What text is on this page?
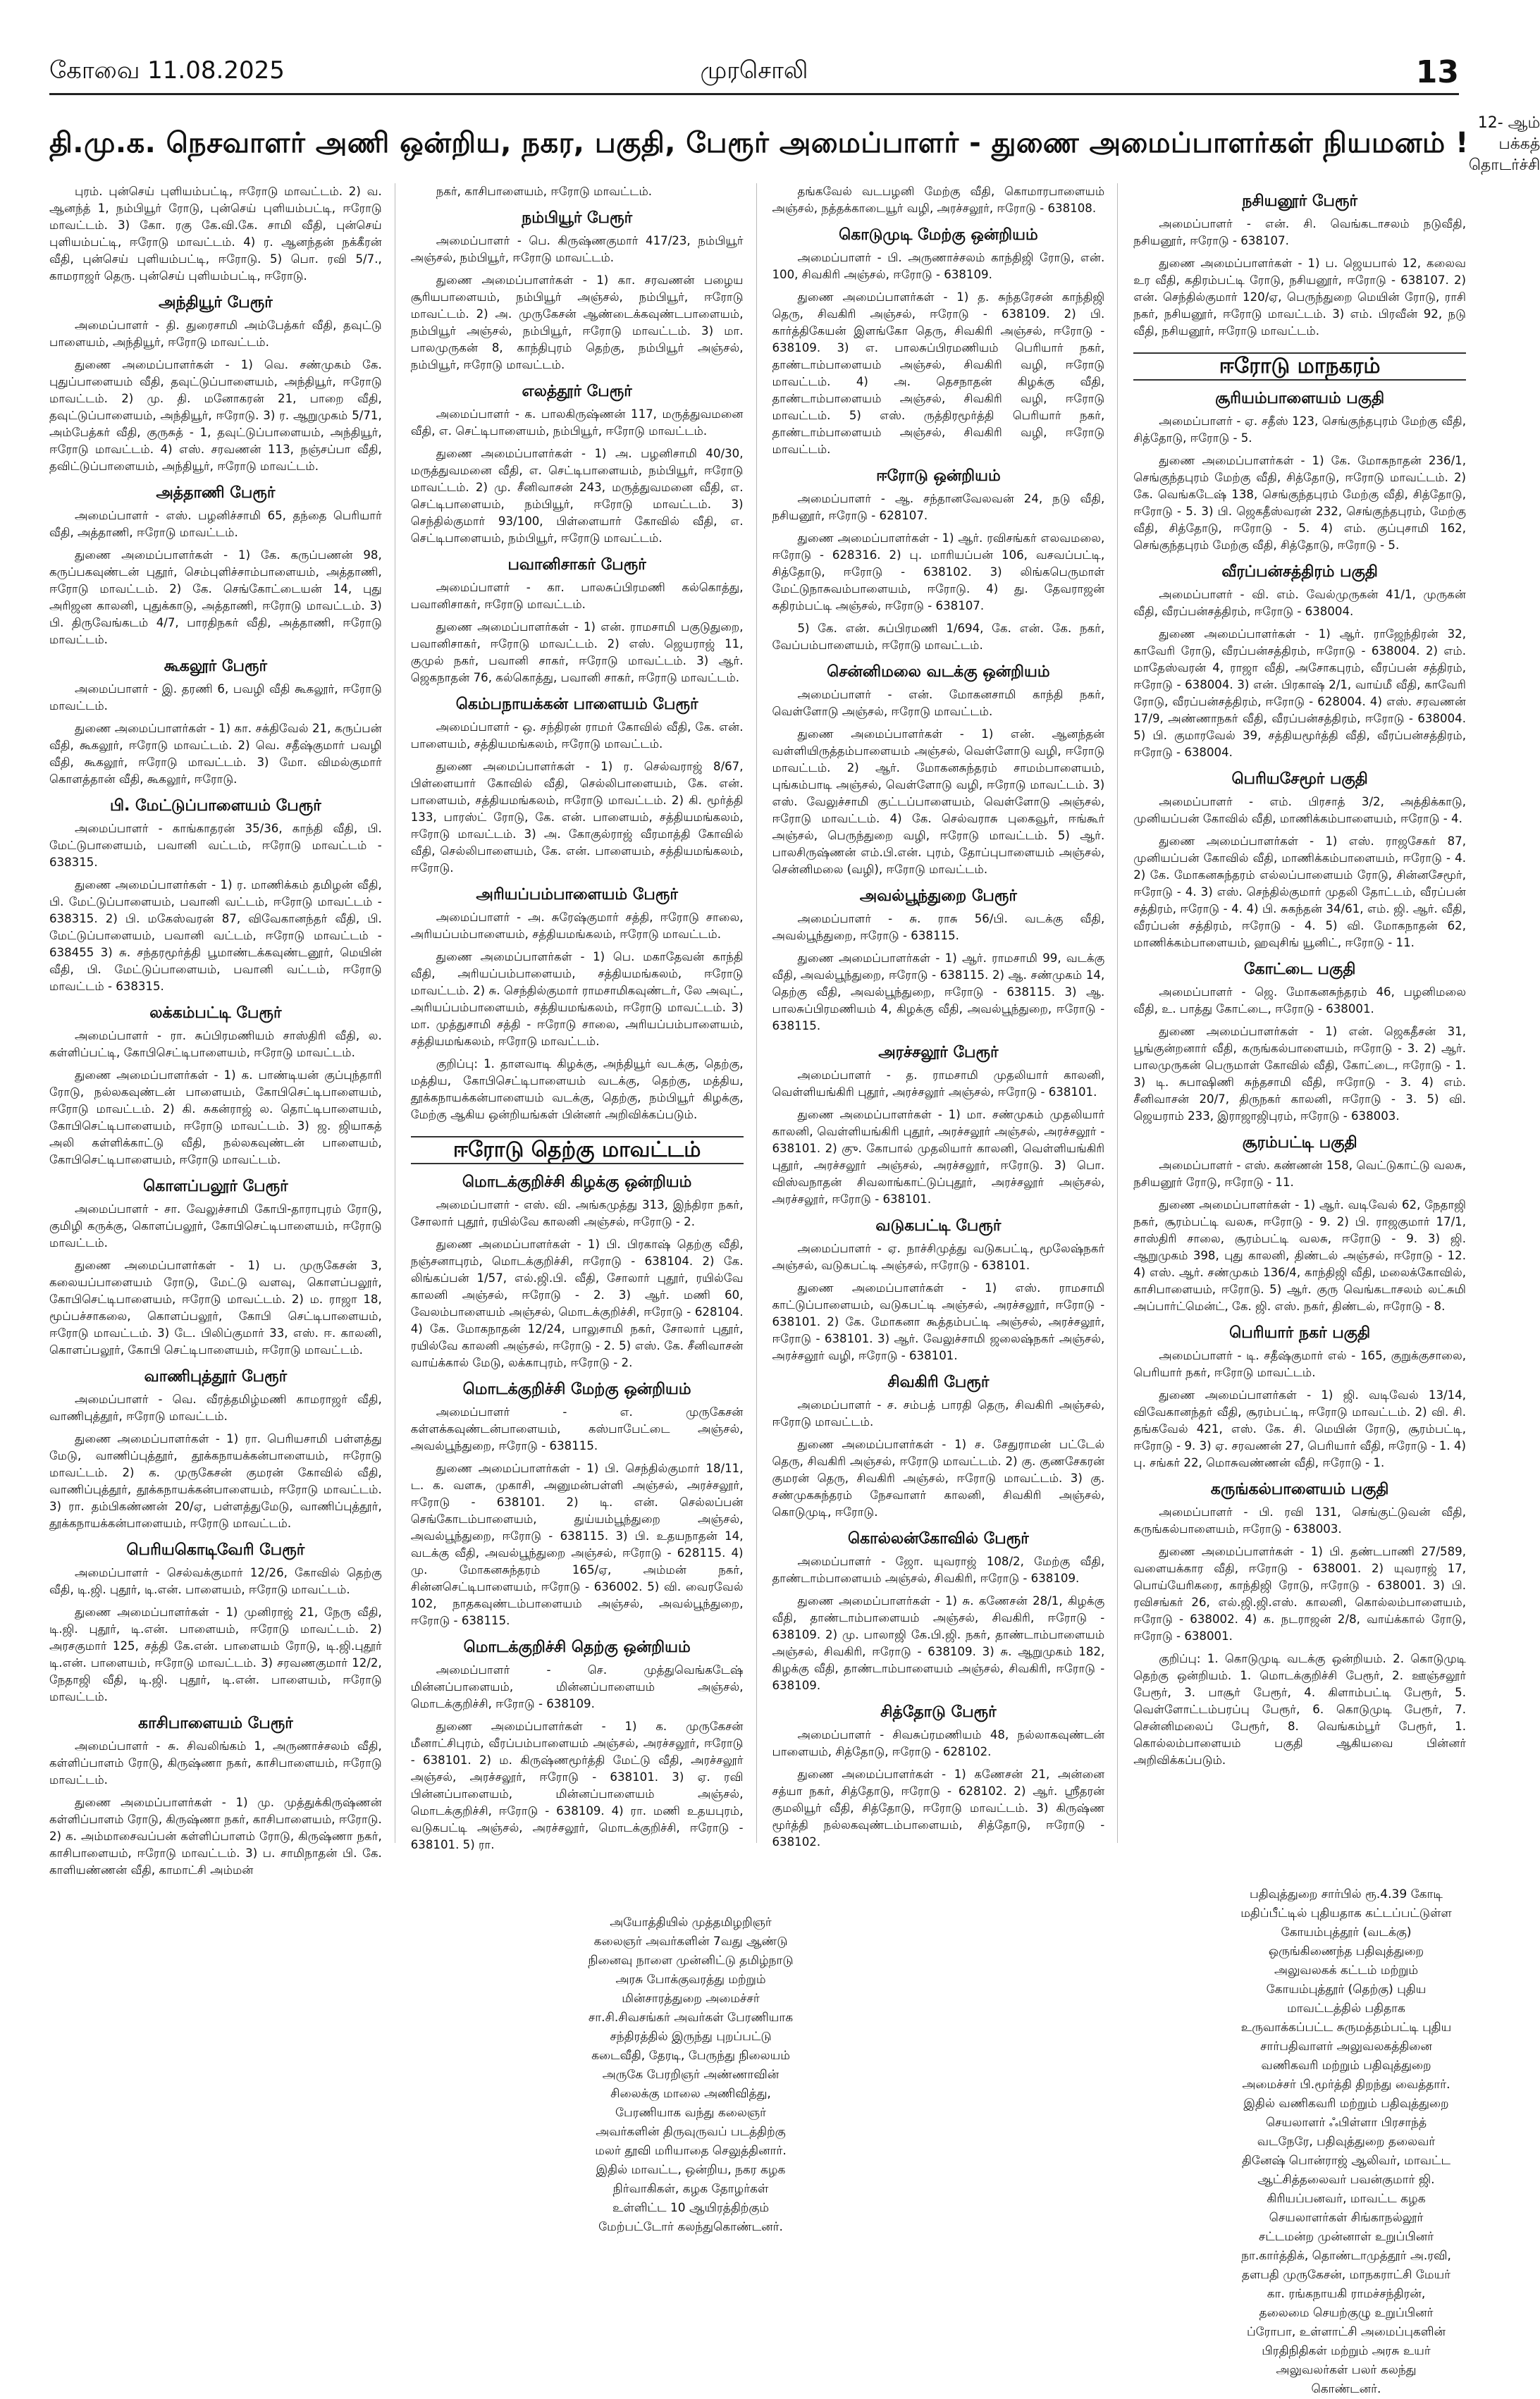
கோவை 11.08.2025	முரசொலி	13
தி.மு.க. நெசவாளர் அணி ஒன்றிய, நகர, பகுதி, பேரூர் அமைப்பாளர் - துணை அமைப்பாளர்கள் நியமனம் !
12- ஆம் பக்கத் தொடர்ச்சி

புரம். புன்செய் புளியம்பட்டி, ஈரோடு மாவட்டம். 2) வ. ஆனந்த் 1, நம்பியூர் ரோடு, புன்செய் புளியம்பட்டி, ஈரோடு மாவட்டம். 3) கோ. ரகு கே.வி.கே. சாமி வீதி, புன்செய் புளியம்பட்டி, ஈரோடு மாவட்டம். 4) ர. ஆனந்தன் நக்கீரன் வீதி, புன்செய் புளியம்பட்டி, ஈரோடு. 5) பொ. ரவி 5/7., காமராஜர் தெரு. புன்செய் புளியம்பட்டி, ஈரோடு.

அந்தியூர் பேரூர்

அமைப்பாளர் - தி. துரைசாமி அம்பேத்கர் வீதி, தவுட்டு பாளையம், அந்தியூர், ஈரோடு மாவட்டம்.

துணை அமைப்பாளர்கள் - 1) வெ. சண்முகம் கே. புதுப்பாளையம் வீதி, தவுட்டுப்பாளையம், அந்தியூர், ஈரோடு மாவட்டம். 2) மு. தி. மனோகரன் 21, பாறை வீதி, தவுட்டுப்பாளையம், அந்தியூர், ஈரோடு. 3) ர. ஆறுமுகம் 5/71, அம்பேத்கர் வீதி, குருசுத் - 1, தவுட்டுப்பாளையம், அந்தியூர், ஈரோடு மாவட்டம். 4) எஸ். சரவணன் 113, நஞ்சப்பா வீதி, தவிட்டுப்பாளையம், அந்தியூர், ஈரோடு மாவட்டம்.

அத்தாணி பேரூர்

அமைப்பாளர் - எஸ். பழனிச்சாமி 65, தந்தை பெரியார் வீதி, அத்தாணி, ஈரோடு மாவட்டம்.

துணை அமைப்பாளர்கள் - 1) கே. கருப்பணன் 98, கருப்பகவுண்டன் புதூர், செம்புளிச்சாம்பாளையம், அத்தாணி, ஈரோடு மாவட்டம். 2) கே. செங்கோட்டையன் 14, புது அரிஜன காலனி, புதுக்காடு, அத்தாணி, ஈரோடு மாவட்டம். 3) பி. திருவேங்கடம் 4/7, பாரதிநகர் வீதி, அத்தாணி, ஈரோடு மாவட்டம்.

கூகலூர் பேரூர்

அமைப்பாளர் - இ. தரணி 6, பவழி வீதி கூகலூர், ஈரோடு மாவட்டம்.

துணை அமைப்பாளர்கள் - 1) கா. சக்திவேல் 21, கருப்பன் வீதி, கூகலூர், ஈரோடு மாவட்டம். 2) வெ. சதீஷ்குமார் பவழி வீதி, கூகலூர், ஈரோடு மாவட்டம். 3) மோ. விமல்குமார் கொளத்தான் வீதி, கூகலூர், ஈரோடு.

பி. மேட்டுப்பாளையம் பேரூர்

அமைப்பாளர் - காங்காதரன் 35/36, காந்தி வீதி, பி. மேட்டுபாளையம், பவானி வட்டம், ஈரோடு மாவட்டம் - 638315.

துணை அமைப்பாளர்கள் - 1) ர. மாணிக்கம் தமிழன் வீதி, பி. மேட்டுப்பாளையம், பவானி வட்டம், ஈரோடு மாவட்டம் - 638315. 2) பி. மகேஸ்வரன் 87, விவேகானந்தர் வீதி, பி. மேட்டுப்பாளையம், பவானி வட்டம், ஈரோடு மாவட்டம் - 638455 3) சு. சந்தரமூர்த்தி பூமாண்டக்கவுண்டனூர், மெயின் வீதி, பி. மேட்டுப்பாளையம், பவானி வட்டம், ஈரோடு மாவட்டம் - 638315.

லக்கம்பட்டி பேரூர்

அமைப்பாளர் - ரா. சுப்பிரமணியம் சாஸ்திரி வீதி, ல. கள்ளிப்பட்டி, கோபிசெட்டிபாளையம், ஈரோடு மாவட்டம்.

துணை அமைப்பாளர்கள் - 1) க. பாண்டியன் குப்புந்தாரி ரோடு, நல்லகவுண்டன் பாளையம், கோபிசெட்டிபாளையம், ஈரோடு மாவட்டம். 2) கி. சுகன்ராஜ் ல. தொட்டிபாளையம், கோபிசெட்டிபாளையம், ஈரோடு மாவட்டம். 3) ஜ. ஜியாகத் அலி கள்ளிக்காட்டு வீதி, நல்லகவுண்டன் பாளையம், கோபிசெட்டிபாளையம், ஈரோடு மாவட்டம்.

கொளப்பலூர் பேரூர்

அமைப்பாளர் - சா. வேலுச்சாமி கோபி-தாராபுரம் ரோடு, குமிழி கருக்கு, கொளப்பலூர், கோபிசெட்டிபாளையம், ஈரோடு மாவட்டம்.

துணை அமைப்பாளர்கள் - 1) ப. முருகேசன் 3, கலையப்பாளையம் ரோடு, மேட்டு வளவு, கொளப்பலூர், கோபிசெட்டிபாளையம், ஈரோடு மாவட்டம். 2) ம. ராஜா 18, மூப்பச்சாகலை, கொளப்பலூர், கோபி செட்டிபாளையம், ஈரோடு மாவட்டம். 3) டே. பிலிப்குமார் 33, எஸ். ஈ. காலனி, கொளப்பலூர், கோபி செட்டிபாளையம், ஈரோடு மாவட்டம்.

வாணிபுத்தூர் பேரூர்

அமைப்பாளர் - வெ. வீரத்தமிழ்மணி காமராஜர் வீதி, வாணிபுத்தூர், ஈரோடு மாவட்டம்.

துணை அமைப்பாளர்கள் - 1) ரா. பெரியசாமி பள்ளத்து மேடு, வாணிப்புத்தூர், தூக்கநாயக்கன்பாளையம், ஈரோடு மாவட்டம். 2) க. முருகேசன் குமரன் கோவில் வீதி, வாணிப்புத்தூர், தூக்கநாயக்கன்பாளையம், ஈரோடு மாவட்டம். 3) ரா. தம்பிகண்ணன் 20/ஏ, பள்ளத்துமேடு, வாணிப்புத்தூர், தூக்கநாயக்கன்பாளையம், ஈரோடு மாவட்டம்.

பெரியகொடிவேரி பேரூர்

அமைப்பாளர் - செல்வக்குமார் 12/26, கோவில் தெற்கு வீதி, டி.ஜி. புதூர், டி.என். பாளையம், ஈரோடு மாவட்டம்.

துணை அமைப்பாளர்கள் - 1) முனிராஜ் 21, நேரு வீதி, டி.ஜி. புதூர், டி.என். பாளையம், ஈரோடு மாவட்டம். 2) அரசகுமார் 125, சத்தி கே.என். பாளையம் ரோடு, டி.ஜி.புதூர் டி.என். பாளையம், ஈரோடு மாவட்டம். 3) சரவணகுமார் 12/2, நேதாஜி வீதி, டி.ஜி. புதூர், டி.என். பாளையம், ஈரோடு மாவட்டம்.

காசிபாளையம் பேரூர்

அமைப்பாளர் - சு. சிவலிங்கம் 1, அருணாச்சலம் வீதி, கள்ளிப்பாளம் ரோடு, கிருஷ்ணா நகர், காசிபாளையம், ஈரோடு மாவட்டம்.

துணை அமைப்பாளர்கள் - 1) மு. முத்துக்கிருஷ்ணன் கள்ளிப்பாளம் ரோடு, கிருஷ்ணா நகர், காசிபாளையம், ஈரோடு. 2) க. அம்மாசைவப்பன் கள்ளிப்பாளம் ரோடு, கிருஷ்ணா நகர், காசிபாளையம், ஈரோடு மாவட்டம். 3) ப. சாமிநாதன் பி. கே. காளியண்ணன் வீதி, காமாட்சி அம்மன்

நகர், காசிபாளையம், ஈரோடு மாவட்டம்.

நம்பியூர் பேரூர்

அமைப்பாளர் - பெ. கிருஷ்ணகுமார் 417/23, நம்பியூர் அஞ்சல், நம்பியூர், ஈரோடு மாவட்டம்.

துணை அமைப்பாளர்கள் - 1) கா. சரவணன் பழைய சூரியபாளையம், நம்பியூர் அஞ்சல், நம்பியூர், ஈரோடு மாவட்டம். 2) அ. முருகேசன் ஆண்டைக்கவுண்டபாளையம், நம்பியூர் அஞ்சல், நம்பியூர், ஈரோடு மாவட்டம். 3) மா. பாலமுருகன் 8, காந்திபுரம் தெற்கு, நம்பியூர் அஞ்சல், நம்பியூர், ஈரோடு மாவட்டம்.

எலத்தூர் பேரூர்

அமைப்பாளர் - க. பாலகிருஷ்ணன் 117, மருத்துவமனை வீதி, எ. செட்டிபாளையம், நம்பியூர், ஈரோடு மாவட்டம்.

துணை அமைப்பாளர்கள் - 1) அ. பழனிசாமி 40/30, மருத்துவமனை வீதி, எ. செட்டிபாளையம், நம்பியூர், ஈரோடு மாவட்டம். 2) மு. சீனிவாசன் 243, மருத்துவமனை வீதி, எ. செட்டிபாளையம், நம்பியூர், ஈரோடு மாவட்டம். 3) செந்தில்குமார் 93/100, பிள்ளையார் கோவில் வீதி, எ. செட்டிபாளையம், நம்பியூர், ஈரோடு மாவட்டம்.

பவானிசாகர் பேரூர்

அமைப்பாளர் - கா. பாலசுப்பிரமணி கல்கொத்து, பவானிசாகர், ஈரோடு மாவட்டம்.

துணை அமைப்பாளர்கள் - 1) என். ராமசாமி பகுடுதுறை, பவானிசாகர், ஈரோடு மாவட்டம். 2) எஸ். ஜெயராஜ் 11, குமுல் நகர், பவானி சாகர், ஈரோடு மாவட்டம். 3) ஆர். ஜெகநாதன் 76, கல்கொத்து, பவானி சாகர், ஈரோடு மாவட்டம்.

கெம்பநாயக்கன் பாளையம் பேரூர்

அமைப்பாளர் - ஒ. சந்திரன் ராமர் கோவில் வீதி, கே. என். பாளையம், சத்தியமங்கலம், ஈரோடு மாவட்டம்.

துணை அமைப்பாளர்கள் - 1) ர. செல்வராஜ் 8/67, பிள்ளையார் கோவில் வீதி, செல்லிபாளையம், கே. என். பாளையம், சத்தியமங்கலம், ஈரோடு மாவட்டம். 2) கி. மூர்த்தி 133, பாரஸ்ட் ரோடு, கே. என். பாளையம், சத்தியமங்கலம், ஈரோடு மாவட்டம். 3) அ. கோகுல்ராஜ் வீரமாத்தி கோவில் வீதி, செல்லிபாளையம், கே. என். பாளையம், சத்தியமங்கலம், ஈரோடு.

அரியப்பம்பாளையம் பேரூர்

அமைப்பாளர் - அ. சுரேஷ்குமார் சத்தி, ஈரோடு சாலை, அரியப்பம்பாளையம், சத்தியமங்கலம், ஈரோடு மாவட்டம்.

துணை அமைப்பாளர்கள் - 1) பெ. மகாதேவன் காந்தி வீதி, அரியப்பம்பாளையம், சத்தியமங்கலம், ஈரோடு மாவட்டம். 2) சு. செந்தில்குமார் ராமசாமிகவுண்டர், லே அவுட், அரியப்பம்பாளையம், சத்தியமங்கலம், ஈரோடு மாவட்டம். 3) மா. முத்துசாமி சத்தி - ஈரோடு சாலை, அரியப்பம்பாளையம், சத்தியமங்கலம், ஈரோடு மாவட்டம்.

குறிப்பு: 1. தாளவாடி கிழக்கு, அந்தியூர் வடக்கு, தெற்கு, மத்திய, கோபிசெட்டிபாளையம் வடக்கு, தெற்கு, மத்திய, தூக்கநாயக்கன்பாளையம் வடக்கு, தெற்கு, நம்பியூர் கிழக்கு, மேற்கு ஆகிய ஒன்றியங்கள் பின்னர் அறிவிக்கப்படும்.

ஈரோடு தெற்கு மாவட்டம்
மொடக்குறிச்சி கிழக்கு ஒன்றியம்

அமைப்பாளர் - எஸ். வி. அங்கமுத்து 313, இந்திரா நகர், சோலார் புதூர், ரயில்வே காலனி அஞ்சல், ஈரோடு - 2.

துணை அமைப்பாளர்கள் - 1) பி. பிரகாஷ் தெற்கு வீதி, நஞ்சனாபுரம், மொடக்குறிச்சி, ஈரோடு - 638104. 2) கே. லிங்கப்பன் 1/57, எல்.ஜி.பி. வீதி, சோலார் புதூர், ரயில்வே காலனி அஞ்சல், ஈரோடு - 2. 3) ஆர். மணி 60, வேலம்பாளையம் அஞ்சல், மொடக்குறிச்சி, ஈரோடு - 628104. 4) கே. மோகநாதன் 12/24, பாலுசாமி நகர், சோலார் புதூர், ரயில்வே காலனி அஞ்சல், ஈரோடு - 2. 5) எஸ். கே. சீனிவாசன் வாய்க்கால் மேடு, லக்காபுரம், ஈரோடு - 2.

மொடக்குறிச்சி மேற்கு ஒன்றியம்

அமைப்பாளர் - எ. முருகேசன் கள்ளக்கவுண்டன்பாளையம், கஸ்பாபேட்டை அஞ்சல், அவல்பூந்துறை, ஈரோடு - 638115.

துணை அமைப்பாளர்கள் - 1) பி. செந்தில்குமார் 18/11, ட. க. வளசு, முகாசி, அனுமன்பள்ளி அஞ்சல், அரச்சலூர், ஈரோடு - 638101. 2) டி. என். செல்லப்பன் செங்கோடம்பாளையம், துய்யம்பூந்துறை அஞ்சல், அவல்பூந்துறை, ஈரோடு - 638115. 3) பி. உதயநாதன் 14, வடக்கு வீதி, அவல்பூந்துறை அஞ்சல், ஈரோடு - 628115. 4) மு. மோகனசுந்தரம் 165/ஏ, அம்மன் நகர், சின்னசெட்டிபாளையம், ஈரோடு - 636002. 5) வி. வைரவேல் 102, நாதகவுண்டம்பாளையம் அஞ்சல், அவல்பூந்துறை, ஈரோடு - 638115.

மொடக்குறிச்சி தெற்கு ஒன்றியம்

அமைப்பாளர் - செ. முத்துவெங்கடேஷ் மின்னப்பாளையம், மின்னப்பாளையம் அஞ்சல், மொடக்குறிச்சி, ஈரோடு - 638109.

துணை அமைப்பாளர்கள் - 1) க. முருகேசன் மீனாட்சிபுரம், வீரப்பம்பாளையம் அஞ்சல், அரச்சலூர், ஈரோடு - 638101. 2) ம. கிருஷ்ணமூர்த்தி மேட்டு வீதி, அரச்சலூர் அஞ்சல், அரச்சலூர், ஈரோடு - 638101. 3) ஏ. ரவி பின்னப்பாளையம், மின்னப்பாளையம் அஞ்சல், மொடக்குறிச்சி, ஈரோடு - 638109. 4) ரா. மணி உதயபுரம், வடுகபட்டி அஞ்சல், அரச்சலூர், மொடக்குறிச்சி, ஈரோடு - 638101. 5) ரா.

தங்கவேல் வடபழனி மேற்கு வீதி, கொமாரபாளையம் அஞ்சல், நத்தக்காடையூர் வழி, அரச்சலூர், ஈரோடு - 638108.

கொடுமுடி மேற்கு ஒன்றியம்

அமைப்பாளர் - பி. அருணாச்சலம் காந்திஜி ரோடு, என். 100, சிவகிரி அஞ்சல், ஈரோடு - 638109.

துணை அமைப்பாளர்கள் - 1) த. சுந்தரேசன் காந்திஜி தெரு, சிவகிரி அஞ்சல், ஈரோடு - 638109. 2) பி. கார்த்திகேயன் இளங்கோ தெரு, சிவகிரி அஞ்சல், ஈரோடு - 638109. 3) எ. பாலசுப்பிரமணியம் பெரியார் நகர், தாண்டாம்பாளையம் அஞ்சல், சிவகிரி வழி, ஈரோடு மாவட்டம். 4) அ. தெசநாதன் கிழக்கு வீதி, தாண்டாம்பாளையம் அஞ்சல், சிவகிரி வழி, ஈரோடு மாவட்டம். 5) எஸ். ருத்திரமூர்த்தி பெரியார் நகர், தாண்டாம்பாளையம் அஞ்சல், சிவகிரி வழி, ஈரோடு மாவட்டம்.

ஈரோடு ஒன்றியம்

அமைப்பாளர் - ஆ. சந்தானவேலவன் 24, நடு வீதி, நசியனூர், ஈரோடு - 628107.

துணை அமைப்பாளர்கள் - 1) ஆர். ரவிசங்கர் எலவமலை, ஈரோடு - 628316. 2) பு. மாரியப்பன் 106, வசவப்பட்டி, சித்தோடு, ஈரோடு - 638102. 3) லிங்கபெருமாள் மேட்டுநாசுவம்பாளையம், ஈரோடு. 4) து. தேவராஜன் கதிரம்பட்டி அஞ்சல், ஈரோடு - 638107.

5) கே. என். சுப்பிரமணி 1/694, கே. என். கே. நகர், வேப்பம்பாளையம், ஈரோடு மாவட்டம்.

சென்னிமலை வடக்கு ஒன்றியம்

அமைப்பாளர் - என். மோகனசாமி காந்தி நகர், வெள்ளோடு அஞ்சல், ஈரோடு மாவட்டம்.

துணை அமைப்பாளர்கள் - 1) என். ஆனந்தன் வள்ளியிருத்தம்பாளையம் அஞ்சல், வெள்ளோடு வழி, ஈரோடு மாவட்டம். 2) ஆர். மோகனசுந்தரம் சாமம்பாளையம், புங்கம்பாடி அஞ்சல், வெள்ளோடு வழி, ஈரோடு மாவட்டம். 3) எஸ். வேலுச்சாமி குட்டப்பாளையம், வெள்ளோடு அஞ்சல், ஈரோடு மாவட்டம். 4) கே. செல்வராசு புகைவூர், ஈங்கூர் அஞ்சல், பெருந்துறை வழி, ஈரோடு மாவட்டம். 5) ஆர். பாலசிருஷ்ணன் எம்.பி.என். புரம், தோப்புபாளையம் அஞ்சல், சென்னிமலை (வழி), ஈரோடு மாவட்டம்.

அவல்பூந்துறை பேரூர்

அமைப்பாளர் - சு. ராசு 56/பி. வடக்கு வீதி, அவல்பூந்துறை, ஈரோடு - 638115.

துணை அமைப்பாளர்கள் - 1) ஆர். ராமசாமி 99, வடக்கு வீதி, அவல்பூந்துறை, ஈரோடு - 638115. 2) ஆ. சண்முகம் 14, தெற்கு வீதி, அவல்பூந்துறை, ஈரோடு - 638115. 3) ஆ. பாலசுப்பிரமணியம் 4, கிழக்கு வீதி, அவல்பூந்துறை, ஈரோடு - 638115.

அரச்சலூர் பேரூர்

அமைப்பாளர் - த. ராமசாமி முதலியார் காலனி, வெள்ளியங்கிரி புதூர், அரச்சலூர் அஞ்சல், ஈரோடு - 638101.

துணை அமைப்பாளர்கள் - 1) மா. சண்முகம் முதலியார் காலனி, வெள்ளியங்கிரி புதூர், அரச்சலூர் அஞ்சல், அரச்சலூர் - 638101. 2) குு. கோபால் முதலியார் காலனி, வெள்ளியங்கிரி புதூர், அரச்சலூர் அஞ்சல், அரச்சலூர், ஈரோடு. 3) பொ. விஸ்வநாதன் சிவலாங்காட்டுப்புதூர், அரச்சலூர் அஞ்சல், அரச்சலூர், ஈரோடு - 638101.

வடுகபட்டி பேரூர்

அமைப்பாளர் - ஏ. நாச்சிமுத்து வடுகபட்டி, மூலேஷ்நகர் அஞ்சல், வடுகபட்டி அஞ்சல், ஈரோடு - 638101.

துணை அமைப்பாளர்கள் - 1) எஸ். ராமசாமி காட்டுப்பாளையம், வடுகபட்டி அஞ்சல், அரச்சலூர், ஈரோடு - 638101. 2) கே. மோகனா கூத்தம்பட்டி அஞ்சல், அரச்சலூர், ஈரோடு - 638101. 3) ஆர். வேலுச்சாமி ஜலைஷ்நகர் அஞ்சல், அரச்சலூர் வழி, ஈரோடு - 638101.

சிவகிரி பேரூர்

அமைப்பாளர் - ச. சம்பத் பாரதி தெரு, சிவகிரி அஞ்சல், ஈரோடு மாவட்டம்.

துணை அமைப்பாளர்கள் - 1) ச. சேதுராமன் பட்டேல் தெரு, சிவகிரி அஞ்சல், ஈரோடு மாவட்டம். 2) கு. குணசேகரன் குமரன் தெரு, சிவகிரி அஞ்சல், ஈரோடு மாவட்டம். 3) கு. சண்முகசுந்தரம் நேசவாளர் காலனி, சிவகிரி அஞ்சல், கொடுமுடி, ஈரோடு.

கொல்லன்கோவில் பேரூர்

அமைப்பாளர் - ஜோ. யுவராஜ் 108/2, மேற்கு வீதி, தாண்டாம்பாளையம் அஞ்சல், சிவகிரி, ஈரோடு - 638109.

துணை அமைப்பாளர்கள் - 1) சு. கணேசன் 28/1, கிழக்கு வீதி, தாண்டாம்பாளையம் அஞ்சல், சிவகிரி, ஈரோடு - 638109. 2) மு. பாலாஜி கே.பி.ஜி. நகர், தாண்டாம்பாளையம் அஞ்சல், சிவகிரி, ஈரோடு - 638109. 3) சு. ஆறுமுகம் 182, கிழக்கு வீதி, தாண்டாம்பாளையம் அஞ்சல், சிவகிரி, ஈரோடு - 638109.

சித்தோடு பேரூர்

அமைப்பாளர் - சிவசுப்ரமணியம் 48, நல்லாகவுண்டன் பாளையம், சித்தோடு, ஈரோடு - 628102.

துணை அமைப்பாளர்கள் - 1) கணேசன் 21, அன்னை சத்யா நகர், சித்தோடு, ஈரோடு - 628102. 2) ஆர். ஸ்ரீதரன் குமலியூர் வீதி, சித்தோடு, ஈரோடு மாவட்டம். 3) கிருஷ்ண மூர்த்தி நல்லகவுண்டம்பாளையம், சித்தோடு, ஈரோடு - 638102.

நசியனூர் பேரூர்

அமைப்பாளர் - என். சி. வெங்கடாசலம் நடுவீதி, நசியனூர், ஈரோடு - 638107.

துணை அமைப்பாளர்கள் - 1) ப. ஜெயபால் 12, கலைவ உர வீதி, கதிரம்பட்டி ரோடு, நசியனூர், ஈரோடு - 638107. 2) என். செந்தில்குமார் 120/ஏ, பெருந்துறை மெயின் ரோடு, ராசி நகர், நசியனூர், ஈரோடு மாவட்டம். 3) எம். பிரவீன் 92, நடு வீதி, நசியனூர், ஈரோடு மாவட்டம்.

ஈரோடு மாநகரம்
சூரியம்பாளையம் பகுதி

அமைப்பாளர் - ஏ. சதீஸ் 123, செங்குந்தபுரம் மேற்கு வீதி, சித்தோடு, ஈரோடு - 5.

துணை அமைப்பாளர்கள் - 1) கே. மோகநாதன் 236/1, செங்குந்தபுரம் மேற்கு வீதி, சித்தோடு, ஈரோடு மாவட்டம். 2) கே. வெங்கடேஷ் 138, செங்குந்தபுரம் மேற்கு வீதி, சித்தோடு, ஈரோடு - 5. 3) பி. ஜெகதீஸ்வரன் 232, செங்குந்தபுரம், மேற்கு வீதி, சித்தோடு, ஈரோடு - 5. 4) எம். குப்புசாமி 162, செங்குந்தபுரம் மேற்கு வீதி, சித்தோடு, ஈரோடு - 5.

வீரப்பன்சத்திரம் பகுதி

அமைப்பாளர் - வி. எம். வேல்முருகன் 41/1, முருகன் வீதி, வீரப்பன்சத்திரம், ஈரோடு - 638004.

துணை அமைப்பாளர்கள் - 1) ஆர். ராஜேந்திரன் 32, காவேரி ரோடு, வீரப்பன்சத்திரம், ஈரோடு - 638004. 2) எம். மாதேஸ்வரன் 4, ராஜா வீதி, அசோகபுரம், வீரப்பன் சத்திரம், ஈரோடு - 638004. 3) என். பிரகாஷ் 2/1, வாய்மீ வீதி, காவேரி ரோடு, வீரப்பன்சத்திரம், ஈரோடு - 628004. 4) எஸ். சரவணன் 17/9, அண்ணாநகர் வீதி, வீரப்பன்சத்திரம், ஈரோடு - 638004. 5) பி. குமாரவேல் 39, சத்தியமூர்த்தி வீதி, வீரப்பன்சத்திரம், ஈரோடு - 638004.

பெரியசேமூர் பகுதி

அமைப்பாளர் - எம். பிரசாத் 3/2, அத்திக்காடு, முனியப்பன் கோவில் வீதி, மாணிக்கம்பாளையம், ஈரோடு - 4.

துணை அமைப்பாளர்கள் - 1) எஸ். ராஜசேகர் 87, முனியப்பன் கோவில் வீதி, மாணிக்கம்பாளையம், ஈரோடு - 4. 2) கே. மோகனசுந்தரம் எல்லப்பாளையம் ரோடு, சின்னசேமூர், ஈரோடு - 4. 3) எஸ். செந்தில்குமார் முதலி தோட்டம், வீரப்பன் சத்திரம், ஈரோடு - 4. 4) பி. சுகந்தன் 34/61, எம். ஜி. ஆர். வீதி, வீரப்பன் சத்திரம், ஈரோடு - 4. 5) வி. மோகநாதன் 62, மாணிக்கம்பாளையம், ஹவுசிங் யூனிட், ஈரோடு - 11.

கோட்டை பகுதி

அமைப்பாளர் - ஜெ. மோகனசுந்தரம் 46, பழனிமலை வீதி, உ. பாத்து கோட்டை, ஈரோடு - 638001.

துணை அமைப்பாளர்கள் - 1) என். ஜெகதீசன் 31, பூங்குன்றனார் வீதி, கருங்கல்பாளையம், ஈரோடு - 3. 2) ஆர். பாலமுருகன் பெருமாள் கோவில் வீதி, கோட்டை, ஈரோடு - 1. 3) டி. சுபாஷிணி சுந்தசாமி வீதி, ஈரோடு - 3. 4) எம். சீனிவாசன் 20/7, திருநகர் காலனி, ஈரோடு - 3. 5) வி. ஜெயராம் 233, இராஜாஜிபுரம், ஈரோடு - 638003.

சூரம்பட்டி பகுதி

அமைப்பாளர் - எஸ். கண்ணன் 158, வெட்டுகாட்டு வலசு, நசியனூர் ரோடு, ஈரோடு - 11.

துணை அமைப்பாளர்கள் - 1) ஆர். வடிவேல் 62, நேதாஜி நகர், சூரம்பட்டி வலசு, ஈரோடு - 9. 2) பி. ராஜகுமார் 17/1, சாஸ்திரி சாலை, சூரம்பட்டி வலசு, ஈரோடு - 9. 3) ஜி. ஆறுமுகம் 398, புது காலனி, திண்டல் அஞ்சல், ஈரோடு - 12. 4) எஸ். ஆர். சண்முகம் 136/4, காந்திஜி வீதி, மலைக்கோவில், காசிபாளையம், ஈரோடு. 5) ஆர். குரு வெங்கடாசலம் லட்சுமி அப்பார்ட்மென்ட், கே. ஜி. எஸ். நகர், திண்டல், ஈரோடு - 8.

பெரியார் நகர் பகுதி

அமைப்பாளர் - டி. சதீஷ்குமார் எல் - 165, குறுக்குசாலை, பெரியார் நகர், ஈரோடு மாவட்டம்.

துணை அமைப்பாளர்கள் - 1) ஜி. வடிவேல் 13/14, விவேகானந்தர் வீதி, சூரம்பட்டி, ஈரோடு மாவட்டம். 2) வி. சி. தங்கவேல் 421, எஸ். கே. சி. மெயின் ரோடு, சூரம்பட்டி, ஈரோடு - 9. 3) ஏ. சரவணன் 27, பெரியார் வீதி, ஈரோடு - 1. 4) பு. சங்கர் 22, மொசுவண்ணன் வீதி, ஈரோடு - 1.

கருங்கல்பாளையம் பகுதி

அமைப்பாளர் - பி. ரவி 131, செங்குட்டுவன் வீதி, கருங்கல்பாளையம், ஈரோடு - 638003.

துணை அமைப்பாளர்கள் - 1) பி. தண்டபாணி 27/589, வளையக்கார வீதி, ஈரோடு - 638001. 2) யுவராஜ் 17, பொய்யேரிகரை, காந்திஜி ரோடு, ஈரோடு - 638001. 3) பி. ரவிசங்கர் 26, எல்.ஜி.ஜி.எஸ். காலனி, கொல்லம்பாளையம், ஈரோடு - 638002. 4) க. நடராஜன் 2/8, வாய்க்கால் ரோடு, ஈரோடு - 638001.

குறிப்பு: 1. கொடுமுடி வடக்கு ஒன்றியம். 2. கொடுமுடி தெற்கு ஒன்றியம். 1. மொடக்குறிச்சி பேரூர், 2. ஊஞ்சலூர் பேரூர், 3. பாசூர் பேரூர், 4. கிளாம்பட்டி பேரூர், 5. வெள்ளோட்டம்பரப்பு பேரூர், 6. கொடுமுடி பேரூர், 7. சென்னிமலைப் பேரூர், 8. வெங்கம்பூர் பேரூர், 1. கொல்லம்பாளையம் பகுதி ஆகியவை பின்னர் அறிவிக்கப்படும்.

அயோத்தியில் முத்தமிழறிஞர் கலைஞர் அவர்களின் 7வது ஆண்டு நினைவு நாளை முன்னிட்டு தமிழ்நாடு அரசு போக்குவரத்து மற்றும் மின்சாரத்துறை அமைச்சர் சா.சி.சிவசங்கர் அவர்கள் பேரணியாக சந்திரத்தில் இருந்து புறப்பட்டு கடைவீதி, தேரடி, பேருந்து நிலையம் அருகே பேரறிஞர் அண்ணாவின் சிலைக்கு மாலை அணிவித்து, பேரணியாக வந்து கலைஞர் அவர்களின் திருவுருவப் படத்திற்கு மலர் தூவி மரியாதை செலுத்தினார். இதில் மாவட்ட, ஒன்றிய, நகர கழக நிர்வாகிகள், கழக தோழர்கள் உள்ளிட்ட 10 ஆயிரத்திற்கும் மேற்பட்டோர் கலந்துகொண்டனர்.
பதிவுத்துறை சார்பில் ரூ.4.39 கோடி மதிப்பீட்டில் புதியதாக கட்டப்பட்டுள்ள கோயம்புத்தூர் (வடக்கு) ஒருங்கிணைந்த பதிவுத்துறை அலுவலகக் கட்டம் மற்றும் கோயம்புத்தூர் (தெற்கு) புதிய மாவட்டத்தில் பதிதாக உருவாக்கப்பட்ட சுருமத்தம்பட்டி புதிய சார்பதிவாளர் அலுவலகத்தினை வணிகவரி மற்றும் பதிவுத்துறை அமைச்சர் பி.மூர்த்தி திறந்து வைத்தார். இதில் வணிகவரி மற்றும் பதிவுத்துறை செயலாளர் ஃபிள்ளா பிரசாந்த் வடநேரே, பதிவுத்துறை தலைவர் தினேஷ் பொன்ராஜ் ஆலிவர், மாவட்ட ஆட்சித்தலைவர் பவன்குமார் ஜி. கிரியப்பனவர், மாவட்ட கழக செயலாளர்கள் சிங்காநல்லூர் சட்டமன்ற முன்னாள் உறுப்பினர் நா.கார்த்திக், தொண்டாமுத்தூர் அ.ரவி, தளபதி முருகேசன், மாநகராட்சி மேயர் கா. ரங்கநாயகி ராமச்சந்திரன், தலைமை செயற்குழு உறுப்பினர் ப்ரோபா, உள்ளாட்சி அமைப்புகளின் பிரதிநிதிகள் மற்றும் அரசு உயர் அலுவலர்கள் பலர் கலந்து கொண்டனர்.
